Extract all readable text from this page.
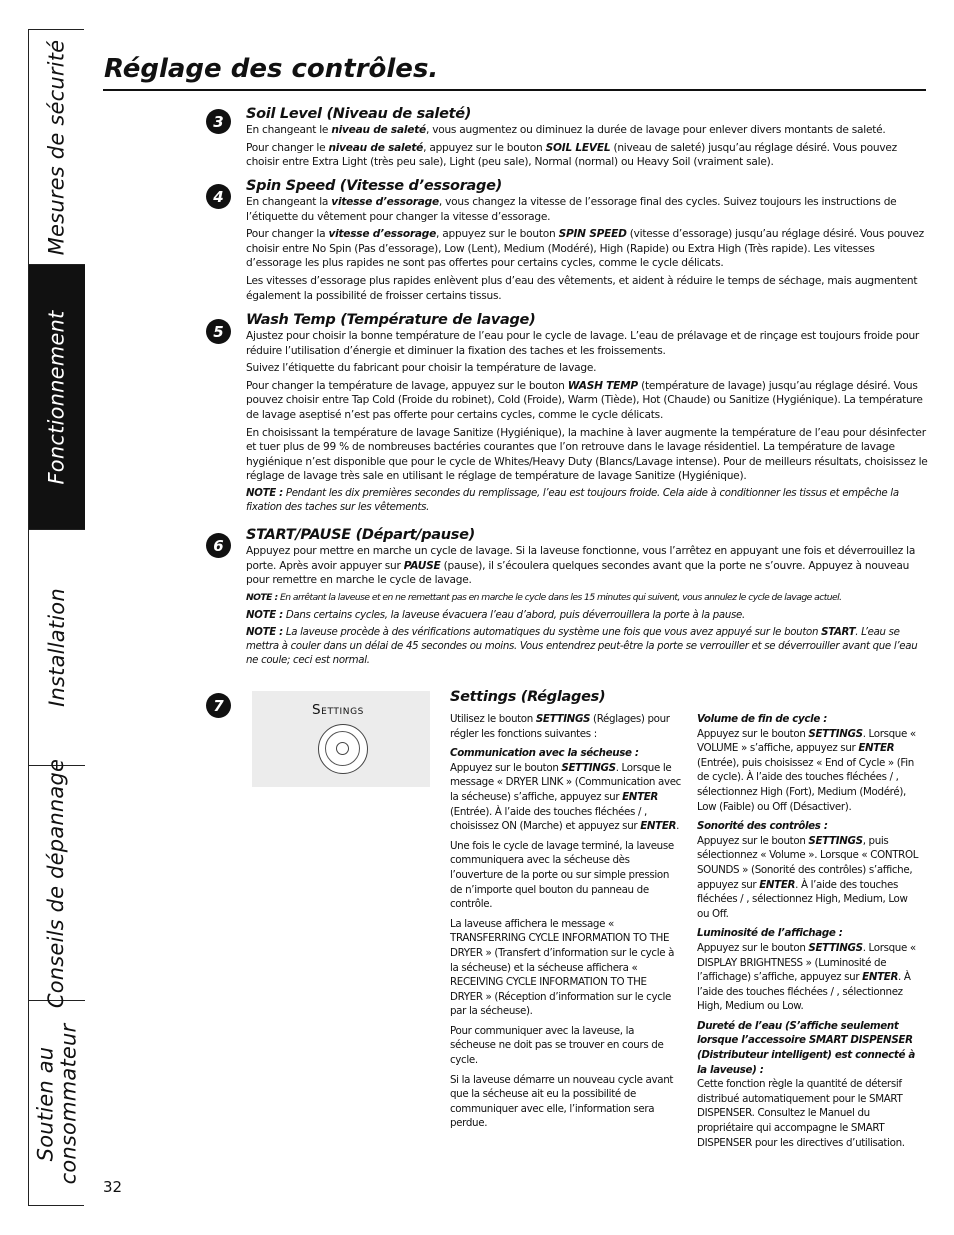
Mesures de sécurité
Fonctionnement
Installation
Conseils de dépannage
Soutien au consommateur
Réglage des contrôles.
3	Soil Level (Niveau de saleté)
En changeant le niveau de saleté, vous augmentez ou diminuez la durée de lavage pour enlever divers montants de saleté.
Pour changer le niveau de saleté, appuyez sur le bouton SOIL LEVEL (niveau de saleté) jusqu’au réglage désiré. Vous pouvez choisir entre Extra Light (très peu sale), Light (peu sale), Normal (normal) ou Heavy Soil (vraiment sale).
4
Spin Speed (Vitesse d’essorage)
En changeant la vitesse d’essorage, vous changez la vitesse de l’essorage final des cycles. Suivez toujours les instructions de l’étiquette du vêtement pour changer la vitesse d’essorage.
Pour changer la vitesse d’essorage, appuyez sur le bouton SPIN SPEED (vitesse d’essorage) jusqu’au réglage désiré. Vous pouvez choisir entre No Spin (Pas d’essorage), Low (Lent), Medium (Modéré), High (Rapide) ou Extra High (Très rapide). Les vitesses d’essorage les plus rapides ne sont pas offertes pour certains cycles, comme le cycle délicats.
Les vitesses d’essorage plus rapides enlèvent plus d’eau des vêtements, et aident à réduire le temps de séchage, mais augmentent également la possibilité de froisser certains tissus.
5
Wash Temp (Température de lavage)
Ajustez pour choisir la bonne température de l’eau pour le cycle de lavage. L’eau de prélavage et de rinçage est toujours froide pour réduire l’utilisation d’énergie et diminuer la fixation des taches et les froissements.
Suivez l’étiquette du fabricant pour choisir la température de lavage.
Pour changer la température de lavage, appuyez sur le bouton WASH TEMP (température de lavage) jusqu’au réglage désiré. Vous pouvez choisir entre Tap Cold (Froide du robinet), Cold (Froide), Warm (Tiède), Hot (Chaude) ou Sanitize (Hygiénique). La température de lavage aseptisé n’est pas offerte pour certains cycles, comme le cycle délicats.
En choisissant la température de lavage Sanitize (Hygiénique), la machine à laver augmente la température de l’eau pour désinfecter et tuer plus de 99 % de nombreuses bactéries courantes que l’on retrouve dans le lavage résidentiel. La température de lavage hygiénique n’est disponible que pour le cycle de Whites/Heavy Duty (Blancs/Lavage intense). Pour de meilleurs résultats, choisissez le réglage de lavage très sale en utilisant le réglage de température de lavage Sanitize (Hygiénique).
NOTE : Pendant les dix premières secondes du remplissage, l’eau est toujours froide. Cela aide à conditionner les tissus et empêche la fixation des taches sur les vêtements.
6
START/PAUSE (Départ/pause)
Appuyez pour mettre en marche un cycle de lavage. Si la laveuse fonctionne, vous l’arrêtez en appuyant une fois et déverrouillez la porte. Après avoir appuyer sur PAUSE (pause), il s’écoulera quelques secondes avant que la porte ne s’ouvre. Appuyez à nouveau pour remettre en marche le cycle de lavage.
NOTE : En arrêtant la laveuse et en ne remettant pas en marche le cycle dans les 15 minutes qui suivent, vous annulez le cycle de lavage actuel.
NOTE : Dans certains cycles, la laveuse évacuera l’eau d’abord, puis déverrouillera la porte à la pause.
NOTE : La laveuse procède à des vérifications automatiques du système une fois que vous avez appuyé sur le bouton START. L’eau se mettra à couler dans un délai de 45 secondes ou moins. Vous entendrez peut-être la porte se verrouiller et se déverrouiller avant que l’eau ne coule; ceci est normal.
7	Settings
Settings (Réglages)
Utilisez le bouton SETTINGS (Réglages) pour régler les fonctions suivantes :
Communication avec la sécheuse :
Appuyez sur le bouton SETTINGS. Lorsque le message « DRYER LINK » (Communication avec la sécheuse) s’affiche, appuyez sur ENTER (Entrée). À l’aide des touches fléchées / , choisissez ON (Marche) et appuyez sur ENTER.
Une fois le cycle de lavage terminé, la laveuse communiquera avec la sécheuse dès l’ouverture de la porte ou sur simple pression de n’importe quel bouton du panneau de contrôle.
La laveuse affichera le message « TRANSFERRING CYCLE INFORMATION TO THE DRYER » (Transfert d’information sur le cycle à la sécheuse) et la sécheuse affichera « RECEIVING CYCLE INFORMATION TO THE DRYER » (Réception d’information sur le cycle par la sécheuse).
Pour communiquer avec la laveuse, la sécheuse ne doit pas se trouver en cours de cycle.
Si la laveuse démarre un nouveau cycle avant que la sécheuse ait eu la possibilité de communiquer avec elle, l’information sera perdue.
Volume de fin de cycle :
Appuyez sur le bouton SETTINGS. Lorsque « VOLUME » s’affiche, appuyez sur ENTER (Entrée), puis choisissez « End of Cycle » (Fin de cycle). À l’aide des touches fléchées / , sélectionnez High (Fort), Medium (Modéré), Low (Faible) ou Off (Désactiver).
Sonorité des contrôles :
Appuyez sur le bouton SETTINGS, puis sélectionnez « Volume ». Lorsque « CONTROL SOUNDS » (Sonorité des contrôles) s’affiche, appuyez sur ENTER. À l’aide des touches fléchées / , sélectionnez High, Medium, Low ou Off.
Luminosité de l’affichage :
Appuyez sur le bouton SETTINGS. Lorsque « DISPLAY BRIGHTNESS » (Luminosité de l’affichage) s’affiche, appuyez sur ENTER. À l’aide des touches fléchées / , sélectionnez High, Medium ou Low.
Dureté de l’eau (S’affiche seulement lorsque l’accessoire SMART DISPENSER (Distributeur intelligent) est connecté à la laveuse) :
Cette fonction règle la quantité de détersif distribué automatiquement pour le SMART DISPENSER. Consultez le Manuel du propriétaire qui accompagne le SMART DISPENSER pour les directives d’utilisation.
32
